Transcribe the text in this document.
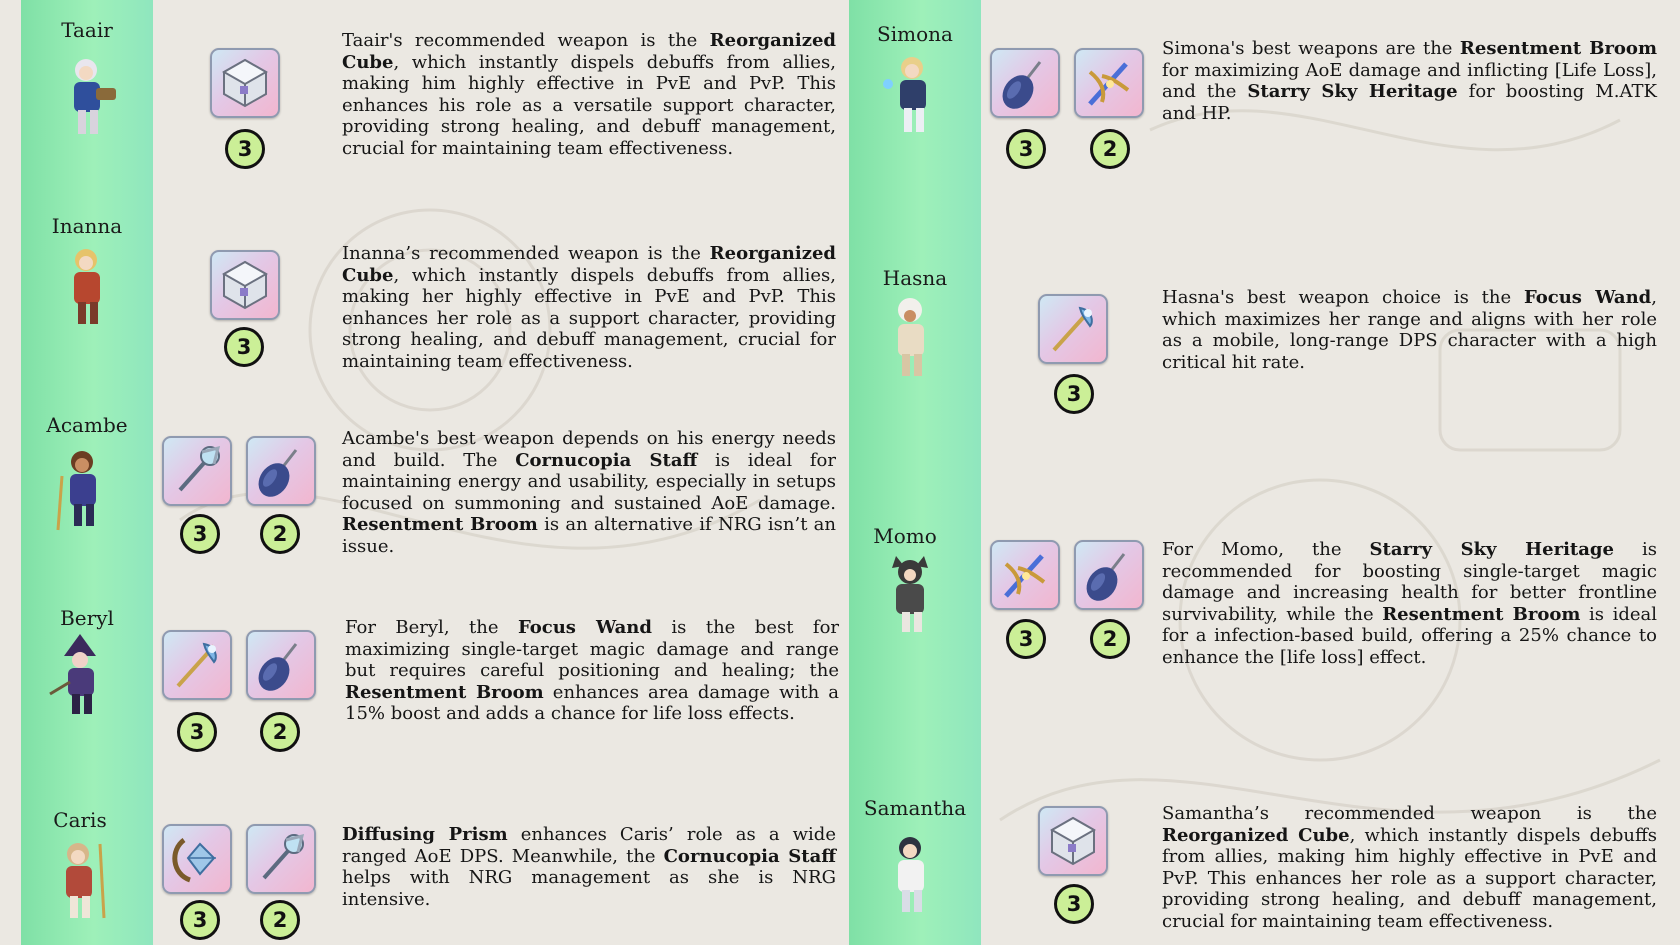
Taair
3
Taair's recommended weapon is the Reorganized Cube, which instantly dispels debuffs from allies, making him highly effective in PvE and PvP. This enhances his role as a versatile support character, providing strong healing, and debuff management, crucial for maintaining team effectiveness.
Inanna
3
Inanna’s recommended weapon is the Reorganized Cube, which instantly dispels debuffs from allies, making her highly effective in PvE and PvP. This enhances her role as a support character, providing strong healing, and debuff management, crucial for maintaining team effectiveness.
Acambe
3	2
Acambe's best weapon depends on his energy needs and build. The Cornucopia Staff is ideal for maintaining energy and usability, especially in setups focused on summoning and sustained AoE damage. Resentment Broom is an alternative if NRG isn’t an issue.
Beryl
3	2
For Beryl, the Focus Wand is the best for maximizing single-target magic damage and range but requires careful positioning and healing; the Resentment Broom enhances area damage with a 15% boost and adds a chance for life loss effects.
Caris
3	2
Diffusing Prism enhances Caris’ role as a wide ranged AoE DPS. Meanwhile, the Cornucopia Staff helps with NRG management as she is NRG intensive.
Simona
3	2
Simona's best weapons are the Resentment Broom for maximizing AoE damage and inflicting [Life Loss], and the Starry Sky Heritage for boosting M.ATK and HP.
Hasna
3
Hasna's best weapon choice is the Focus Wand, which maximizes her range and aligns with her role as a mobile, long-range DPS character with a high critical hit rate.
Momo
3	2
For Momo, the Starry Sky Heritage is recommended for boosting single-target magic damage and increasing health for better frontline survivability, while the Resentment Broom is ideal for a infection-based build, offering a 25% chance to enhance the [life loss] effect.
Samantha
3
Samantha’s recommended weapon is the Reorganized Cube, which instantly dispels debuffs from allies, making him highly effective in PvE and PvP. This enhances her role as a support character, providing strong healing, and debuff management, crucial for maintaining team effectiveness.
